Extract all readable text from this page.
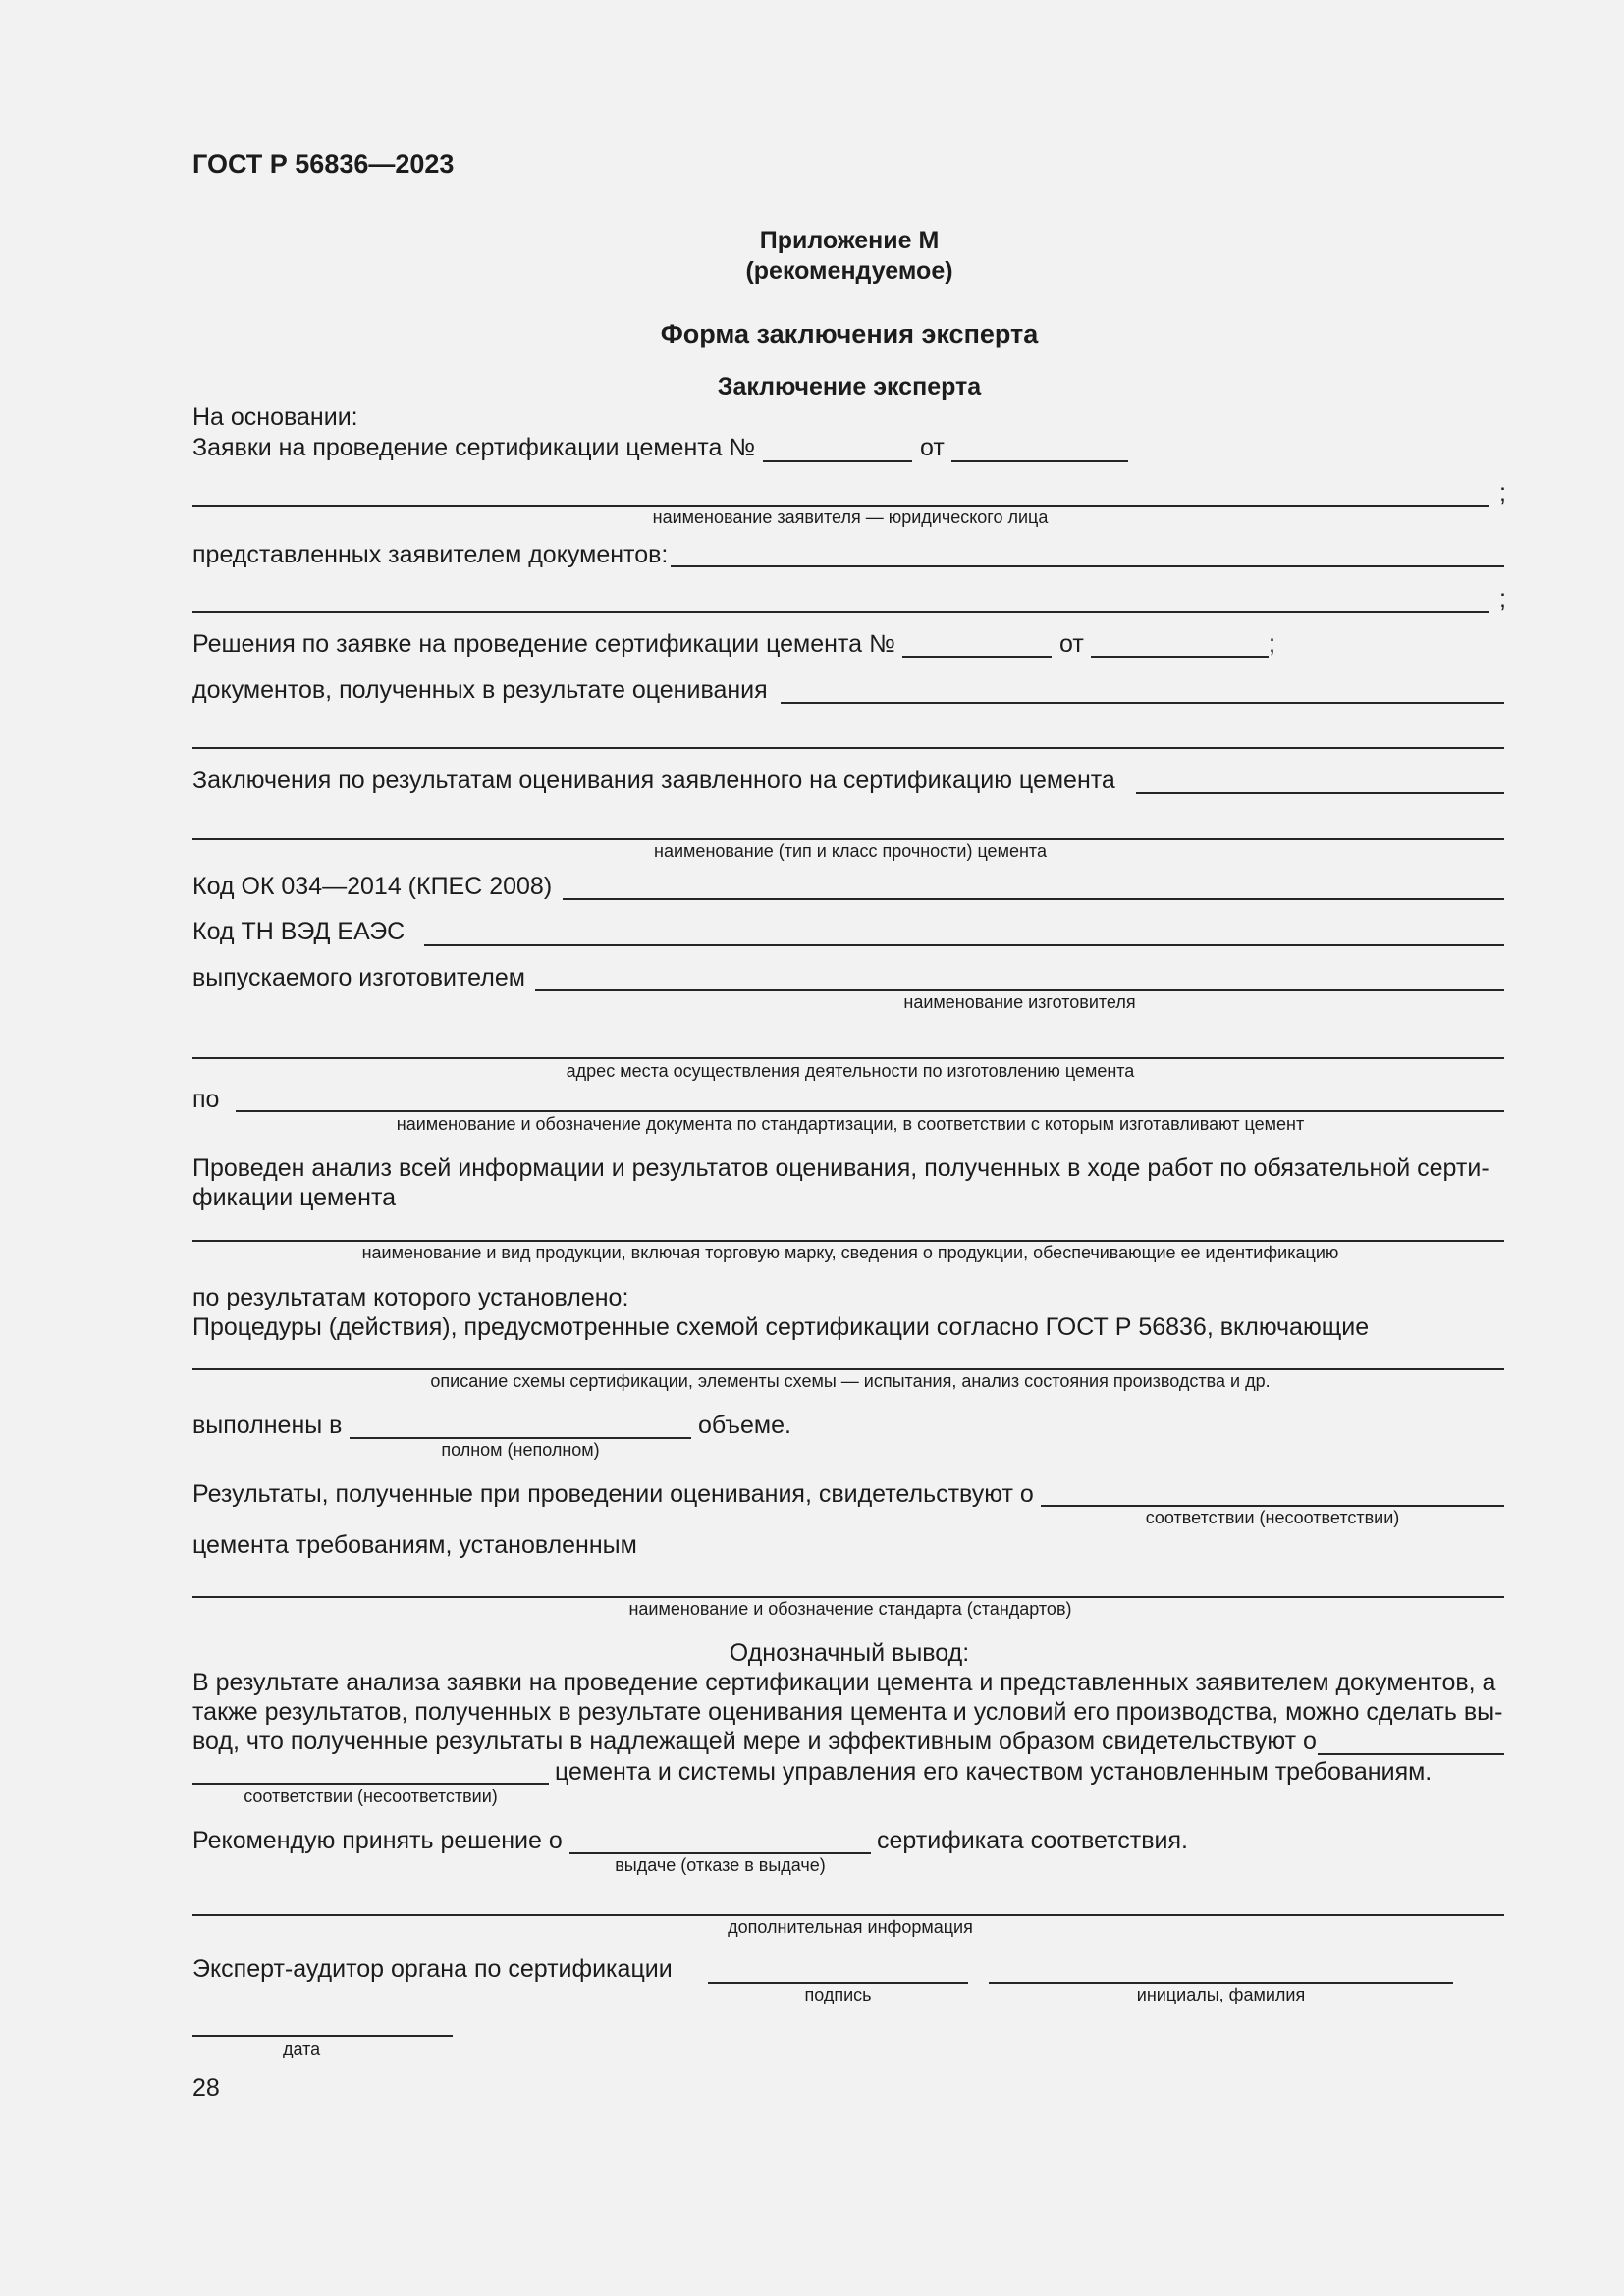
ГОСТ Р 56836—2023
Приложение М
(рекомендуемое)
Форма заключения эксперта
Заключение эксперта
На основании:
Заявки на проведение сертификации цемента №	от
;
наименование заявителя — юридического лица
представленных заявителем документов:
;
Решения по заявке на проведение сертификации цемента №	от	;
документов, полученных в результате оценивания
Заключения по результатам оценивания заявленного на сертификацию цемента
наименование (тип и класс прочности) цемента
Код ОК 034—2014 (КПЕС 2008)
Код ТН ВЭД ЕАЭС
выпускаемого изготовителем
наименование изготовителя
адрес места осуществления деятельности по изготовлению цемента
по
наименование и обозначение документа по стандартизации, в соответствии с которым изготавливают цемент
Проведен анализ всей информации и результатов оценивания, полученных в ходе работ по обязательной серти-
фикации цемента
наименование и вид продукции, включая торговую марку, сведения о продукции, обеспечивающие ее идентификацию
по результатам которого установлено:
Процедуры (действия), предусмотренные схемой сертификации согласно ГОСТ Р 56836, включающие
описание схемы сертификации, элементы схемы — испытания, анализ состояния производства и др.
выполнены в	объеме.
полном (неполном)
Результаты, полученные при проведении оценивания, свидетельствуют о
соответствии (несоответствии)
цемента требованиям, установленным
наименование и обозначение стандарта (стандартов)
Однозначный вывод:
В результате анализа заявки на проведение сертификации цемента и представленных заявителем документов, а
также результатов, полученных в результате оценивания цемента и условий его производства, можно сделать вы-
вод, что полученные результаты в надлежащей мере и эффективным образом свидетельствуют о
цемента и системы управления его качеством установленным требованиям.
соответствии (несоответствии)
Рекомендую принять решение о	сертификата соответствия.
выдаче (отказе в выдаче)
дополнительная информация
Эксперт-аудитор органа по сертификации
подпись	инициалы, фамилия
дата
28
